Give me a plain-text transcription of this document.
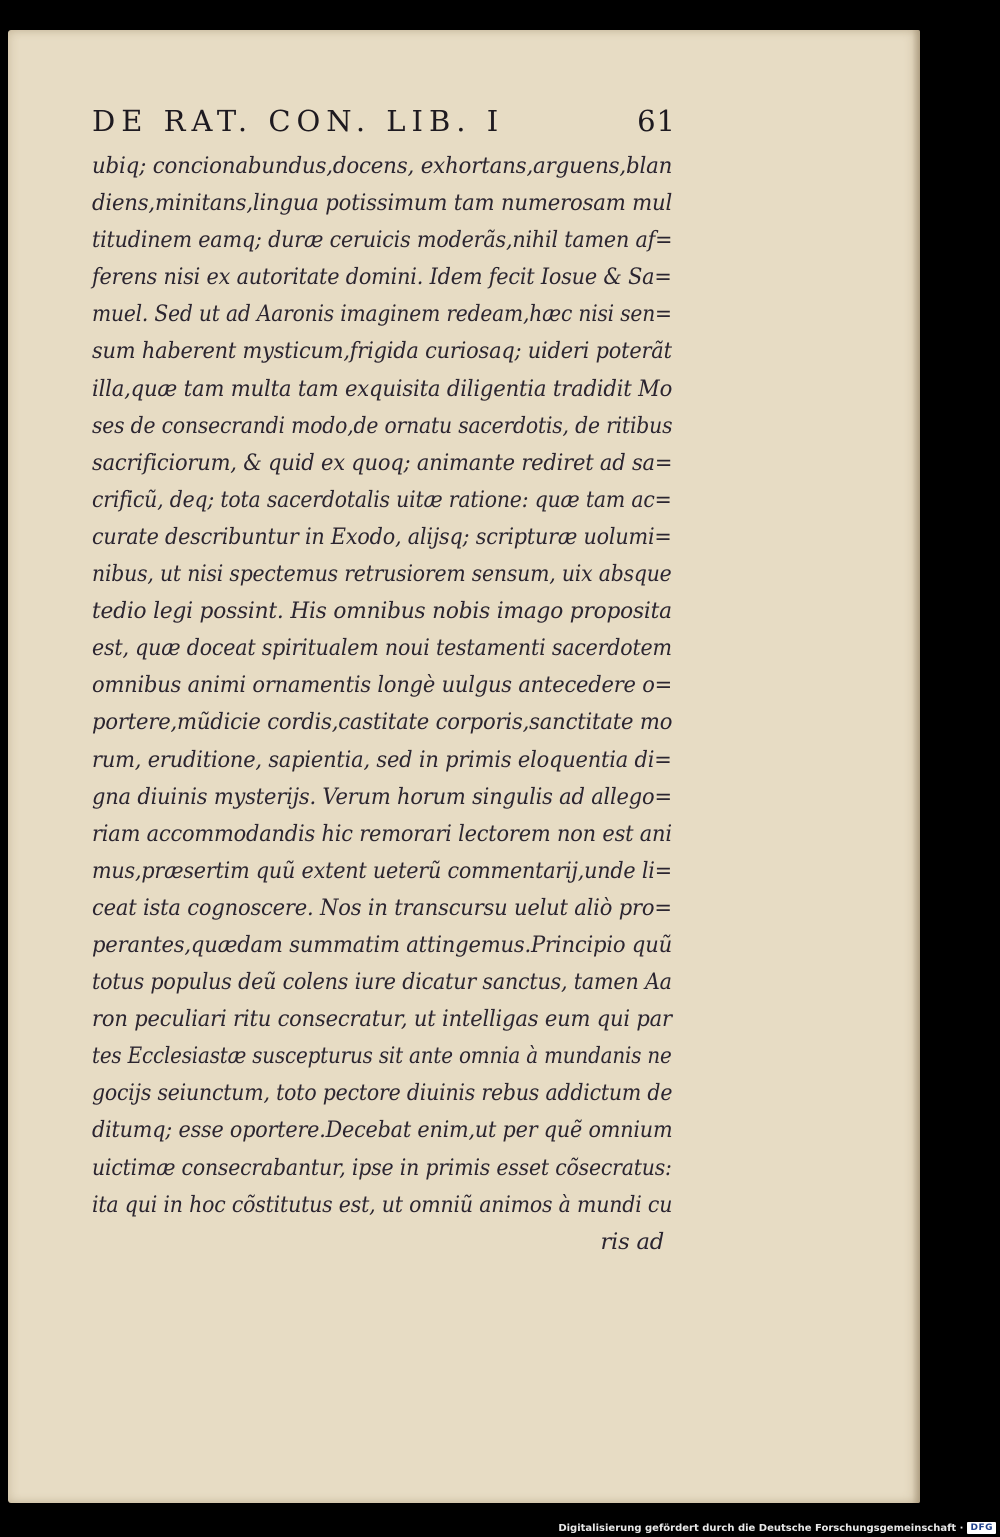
DE RAT. CON. LIB. I	61
ubiq; concionabundus,docens, exhortans,arguens,blan
diens,minitans,lingua potissimum tam numerosam mul
titudinem eamq; duræ ceruicis moderãs,nihil tamen af=
ferens nisi ex autoritate domini. Idem fecit Iosue & Sa=
muel. Sed ut ad Aaronis imaginem redeam,hæc nisi sen=
sum haberent mysticum,frigida curiosaq; uideri poterãt
illa,quæ tam multa tam exquisita diligentia tradidit Mo
ses de consecrandi modo,de ornatu sacerdotis, de ritibus
sacrificiorum, & quid ex quoq; animante rediret ad sa=
crificũ, deq; tota sacerdotalis uitæ ratione: quæ tam ac=
curate describuntur in Exodo, alijsq; scripturæ uolumi=
nibus, ut nisi spectemus retrusiorem sensum, uix absque
tedio legi possint. His omnibus nobis imago proposita
est, quæ doceat spiritualem noui testamenti sacerdotem
omnibus animi ornamentis longè uulgus antecedere o=
portere,mũdicie cordis,castitate corporis,sanctitate mo
rum, eruditione, sapientia, sed in primis eloquentia di=
gna diuinis mysterijs. Verum horum singulis ad allego=
riam accommodandis hic remorari lectorem non est ani
mus,præsertim quũ extent ueterũ commentarij,unde li=
ceat ista cognoscere. Nos in transcursu uelut aliò pro=
perantes,quædam summatim attingemus.Principio quũ
totus populus deũ colens iure dicatur sanctus, tamen Aa
ron peculiari ritu consecratur, ut intelligas eum qui par
tes Ecclesiastæ suscepturus sit ante omnia à mundanis ne
gocijs seiunctum, toto pectore diuinis rebus addictum de
ditumq; esse oportere.Decebat enim,ut per quẽ omnium
uictimæ consecrabantur, ipse in primis esset cõsecratus:
ita qui in hoc cõstitutus est, ut omniũ animos à mundi cu
ris ad
Digitalisierung gefördert durch die Deutsche Forschungsgemeinschaft · DFG
